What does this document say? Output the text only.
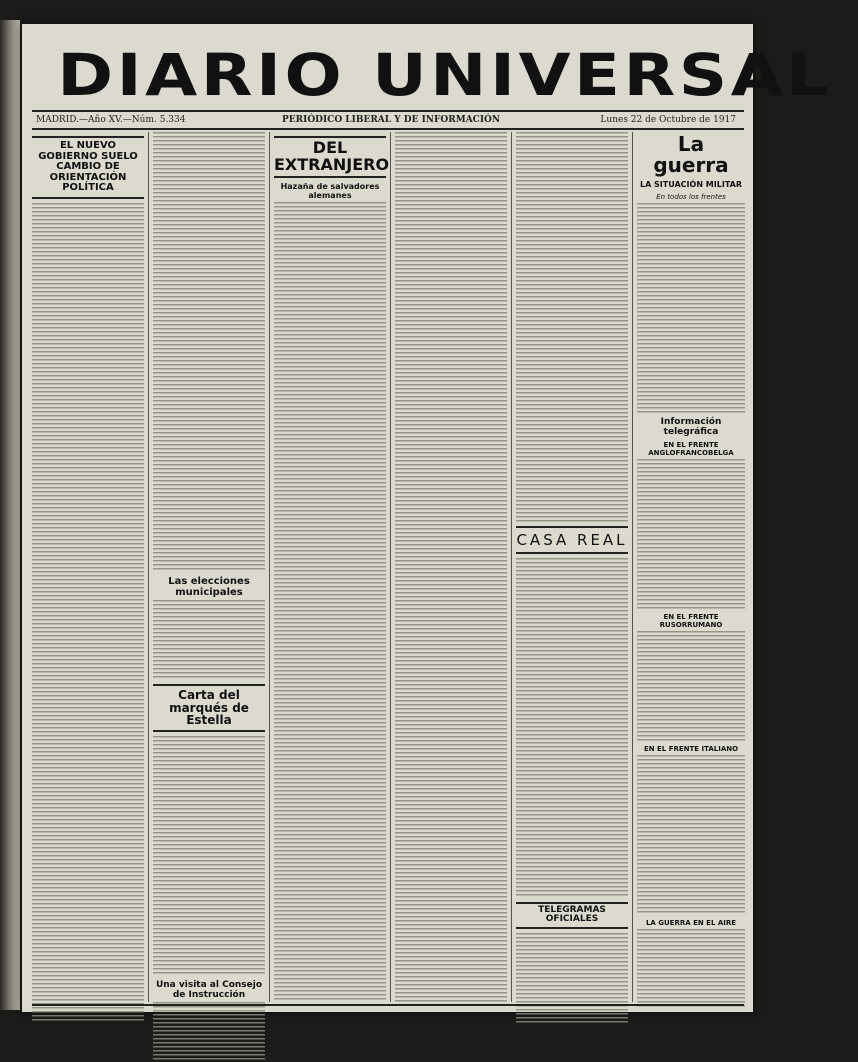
DIARIO UNIVERSAL
MADRID.—Año XV.—Núm. 5.334	PERIÓDICO LIBERAL Y DE INFORMACIÓN	Lunes 22 de Octubre de 1917

EL NUEVO GOBIERNO SUELO CAMBIO DE ORIENTACIÓN POLÍTICA

Las elecciones municipales

Carta del marqués de Estella

Una visita al Consejo de Instrucción

DEL EXTRANJERO

Hazaña de salvadores alemanes

CASA REAL

TELEGRAMAS OFICIALES

La guerra

LA SITUACIÓN MILITAR

En todos los frentes

Información telegráfica

EN EL FRENTE ANGLOFRANCOBELGA

EN EL FRENTE RUSORRUMANO

EN EL FRENTE ITALIANO

LA GUERRA EN EL AIRE
